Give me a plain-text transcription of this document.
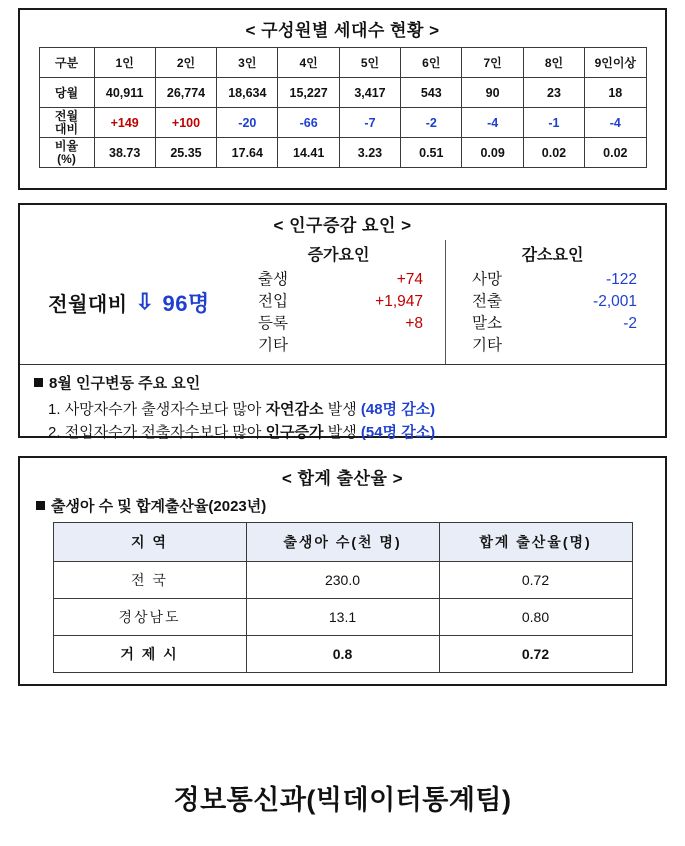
< 구성원별 세대수 현황 >
구분	1인	2인	3인	4인	5인	6인	7인	8인	9인이상
당월	40,911	26,774	18,634	15,227	3,417	543	90	23	18
전월
대비	+149	+100	-20	-66	-7	-2	-4	-1	-4
비율
(%)	38.73	25.35	17.64	14.41	3.23	0.51	0.09	0.02	0.02
< 인구증감 요인 >
전월대비 ⇩ 96명
증가요인
출생	+74
전입	+1,947
등록	+8
기타
감소요인
사망	-122
전출	-2,001
말소	-2
기타
8월 인구변동 주요 요인
1. 사망자수가 출생자수보다 많아 자연감소 발생 (48명 감소)
2. 전입자수가 전출자수보다 많아 인구증가 발생 (54명 감소)
< 합계 출산율 >
출생아 수 및 합계출산율(2023년)
지 역	출생아 수(천 명)	합계 출산율(명)
전 국	230.0	0.72
경상남도	13.1	0.80
거 제 시	0.8	0.72
정보통신과(빅데이터통계팀)
